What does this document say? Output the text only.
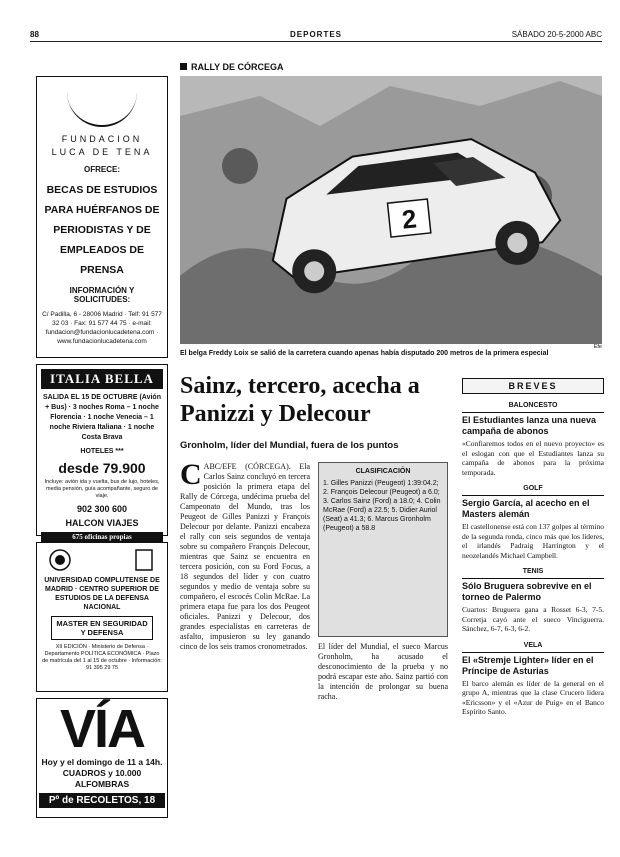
88	DEPORTES	SÁBADO 20-5-2000 ABC
FUNDACION
LUCA DE TENA
OFRECE:
BECAS DE ESTUDIOS PARA HUÉRFANOS DE PERIODISTAS Y DE EMPLEADOS DE PRENSA
INFORMACIÓN Y SOLICITUDES:
C/ Padilla, 6 - 28006 Madrid · Telf: 91 577 32 03 · Fax: 91 577 44 75 · e-mail: fundacion@fundacionlucadetena.com · www.fundacionlucadetena.com
ITALIA BELLA
SALIDA EL 15 DE OCTUBRE (Avión + Bus) · 3 noches Roma – 1 noche Florencia · 1 noche Venecia – 1 noche Riviera Italiana · 1 noche Costa Brava
HOTELES ***
desde 79.900
Incluye: avión ida y vuelta, bus de lujo, hoteles, media pensión, guía acompañante, seguro de viaje.
902 300 600
HALCON VIAJES
675 oficinas propias
UNIVERSIDAD COMPLUTENSE DE MADRID · CENTRO SUPERIOR DE ESTUDIOS DE LA DEFENSA NACIONAL
MASTER EN SEGURIDAD Y DEFENSA
XII EDICIÓN · Ministerio de Defensa · Departamento POLÍTICA ECONÓMICA · Plazo de matrícula del 1 al 15 de octubre · Información: 91 395 29 75
VÍA
Hoy y el domingo de 11 a 14h. CUADROS y 10.000 ALFOMBRAS
Pº de RECOLETOS, 18
RALLY DE CÓRCEGA
2
El belga Freddy Loix se salió de la carretera cuando apenas había disputado 200 metros de la primera especial
Efe
Sainz, tercero, acecha a Panizzi y Delecour
Gronholm, líder del Mundial, fuera de los puntos
C ABC/EFE (CÓRCEGA). Ela Carlos Sainz concluyó en tercera posición la primera etapa del Rally de Córcega, undécima prueba del Campeonato del Mundo, tras los Peugeot de Gilles Panizzi y François Delecour por delante. Panizzi encabeza el rally con seis segundos de ventaja sobre su compañero François Delecour, mientras que Sainz se encuentra en tercera posición, con su Ford Focus, a 18 segundos del líder y con cuatro segundos y medio de ventaja sobre su compañero, el escocés Colin McRae. La primera etapa fue para los dos Peugeot oficiales. Panizzi y Delecour, dos grandes especialistas en carreteras de asfalto, impusieron su ley ganando cinco de los seis tramos cronometrados.
CLASIFICACIÓN
1. Gilles Panizzi (Peugeot) 1:39:04.2; 2. François Delecour (Peugeot) a 6.0; 3. Carlos Sainz (Ford) a 18.0; 4. Colin McRae (Ford) a 22.5; 5. Didier Auriol (Seat) a 41.3; 6. Marcus Gronholm (Peugeot) a 58.8
El líder del Mundial, el sueco Marcus Gronholm, ha acusado el desconocimiento de la prueba y no podrá escapar este año. Sainz partió con la intención de prolongar su buena racha.
BREVES
BALONCESTO
El Estudiantes lanza una nueva campaña de abonos
«Confiaremos todos en el nuevo proyecto» es el eslogan con que el Estudiantes lanza su campaña de abonos para la próxima temporada.
GOLF
Sergio García, al acecho en el Masters alemán
El castellonense está con 137 golpes al término de la segunda ronda, cinco más que los líderes, el irlandés Padraig Harrington y el neozelandés Michael Campbell.
TENIS
Sólo Bruguera sobrevive en el torneo de Palermo
Cuartos: Bruguera gana a Rosset 6-3, 7-5. Corretja cayó ante el sueco Vinciguerra. Sánchez, 6-7, 6-3, 6-2.
VELA
El «Stremje Lighter» líder en el Príncipe de Asturias
El barco alemán es líder de la general en el grupo A, mientras que la clase Crucero lidera «Ericsson» y el «Azur de Puig» en el Banco Espírito Santo.
